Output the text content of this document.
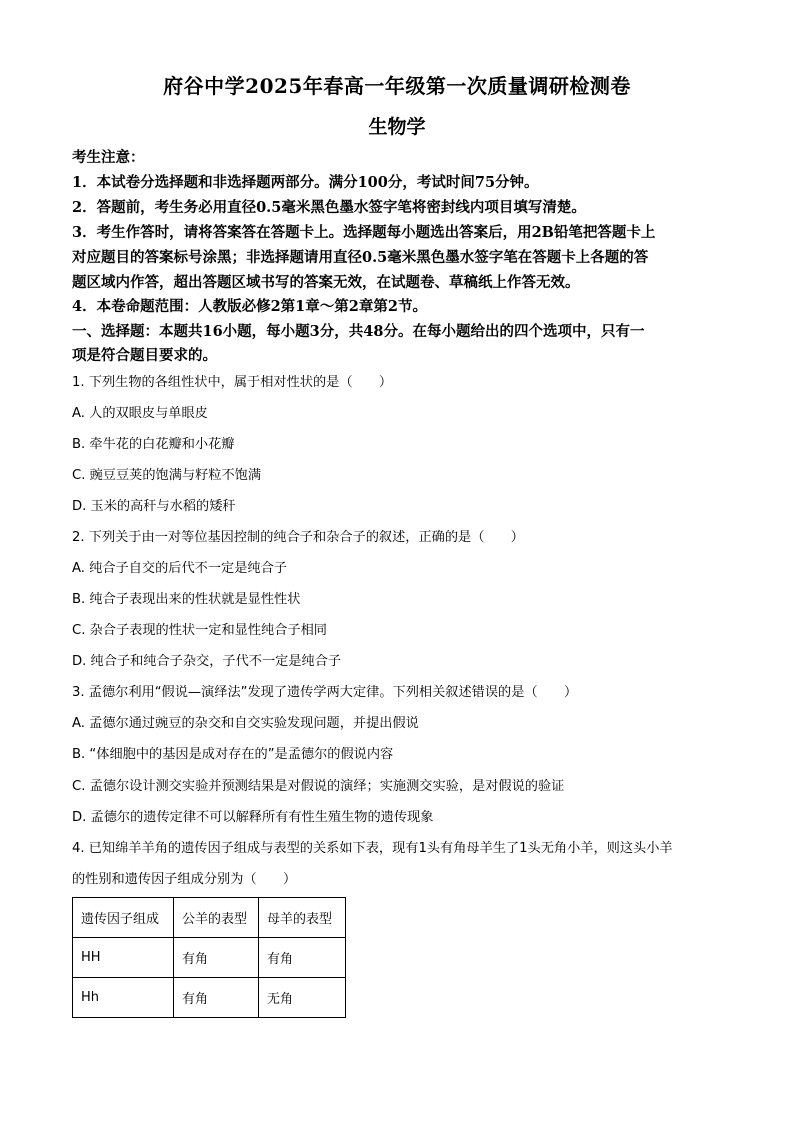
府谷中学2025年春高一年级第一次质量调研检测卷
生物学
考生注意：
1．本试卷分选择题和非选择题两部分。满分100分，考试时间75分钟。
2．答题前，考生务必用直径0.5毫米黑色墨水签字笔将密封线内项目填写清楚。
3．考生作答时，请将答案答在答题卡上。选择题每小题选出答案后，用2B铅笔把答题卡上
对应题目的答案标号涂黑；非选择题请用直径0.5毫米黑色墨水签字笔在答题卡上各题的答
题区域内作答，超出答题区域书写的答案无效，在试题卷、草稿纸上作答无效。
4．本卷命题范围：人教版必修2第1章～第2章第2节。
一、选择题：本题共16小题，每小题3分，共48分。在每小题给出的四个选项中，只有一
项是符合题目要求的。
1. 下列生物的各组性状中，属于相对性状的是（　　）
A. 人的双眼皮与单眼皮
B. 牵牛花的白花瓣和小花瓣
C. 豌豆豆荚的饱满与籽粒不饱满
D. 玉米的高秆与水稻的矮秆
2. 下列关于由一对等位基因控制的纯合子和杂合子的叙述，正确的是（　　）
A. 纯合子自交的后代不一定是纯合子
B. 纯合子表现出来的性状就是显性性状
C. 杂合子表现的性状一定和显性纯合子相同
D. 纯合子和纯合子杂交，子代不一定是纯合子
3. 孟德尔利用“假说—演绎法”发现了遗传学两大定律。下列相关叙述错误的是（　　）
A. 孟德尔通过豌豆的杂交和自交实验发现问题，并提出假说
B. “体细胞中的基因是成对存在的”是孟德尔的假说内容
C. 孟德尔设计测交实验并预测结果是对假说的演绎；实施测交实验，是对假说的验证
D. 孟德尔的遗传定律不可以解释所有有性生殖生物的遗传现象
4. 已知绵羊羊角的遗传因子组成与表型的关系如下表，现有1头有角母羊生了1头无角小羊，则这头小羊
的性别和遗传因子组成分别为（　　）
遗传因子组成	公羊的表型	母羊的表型
HH	有角	有角
Hh	有角	无角
